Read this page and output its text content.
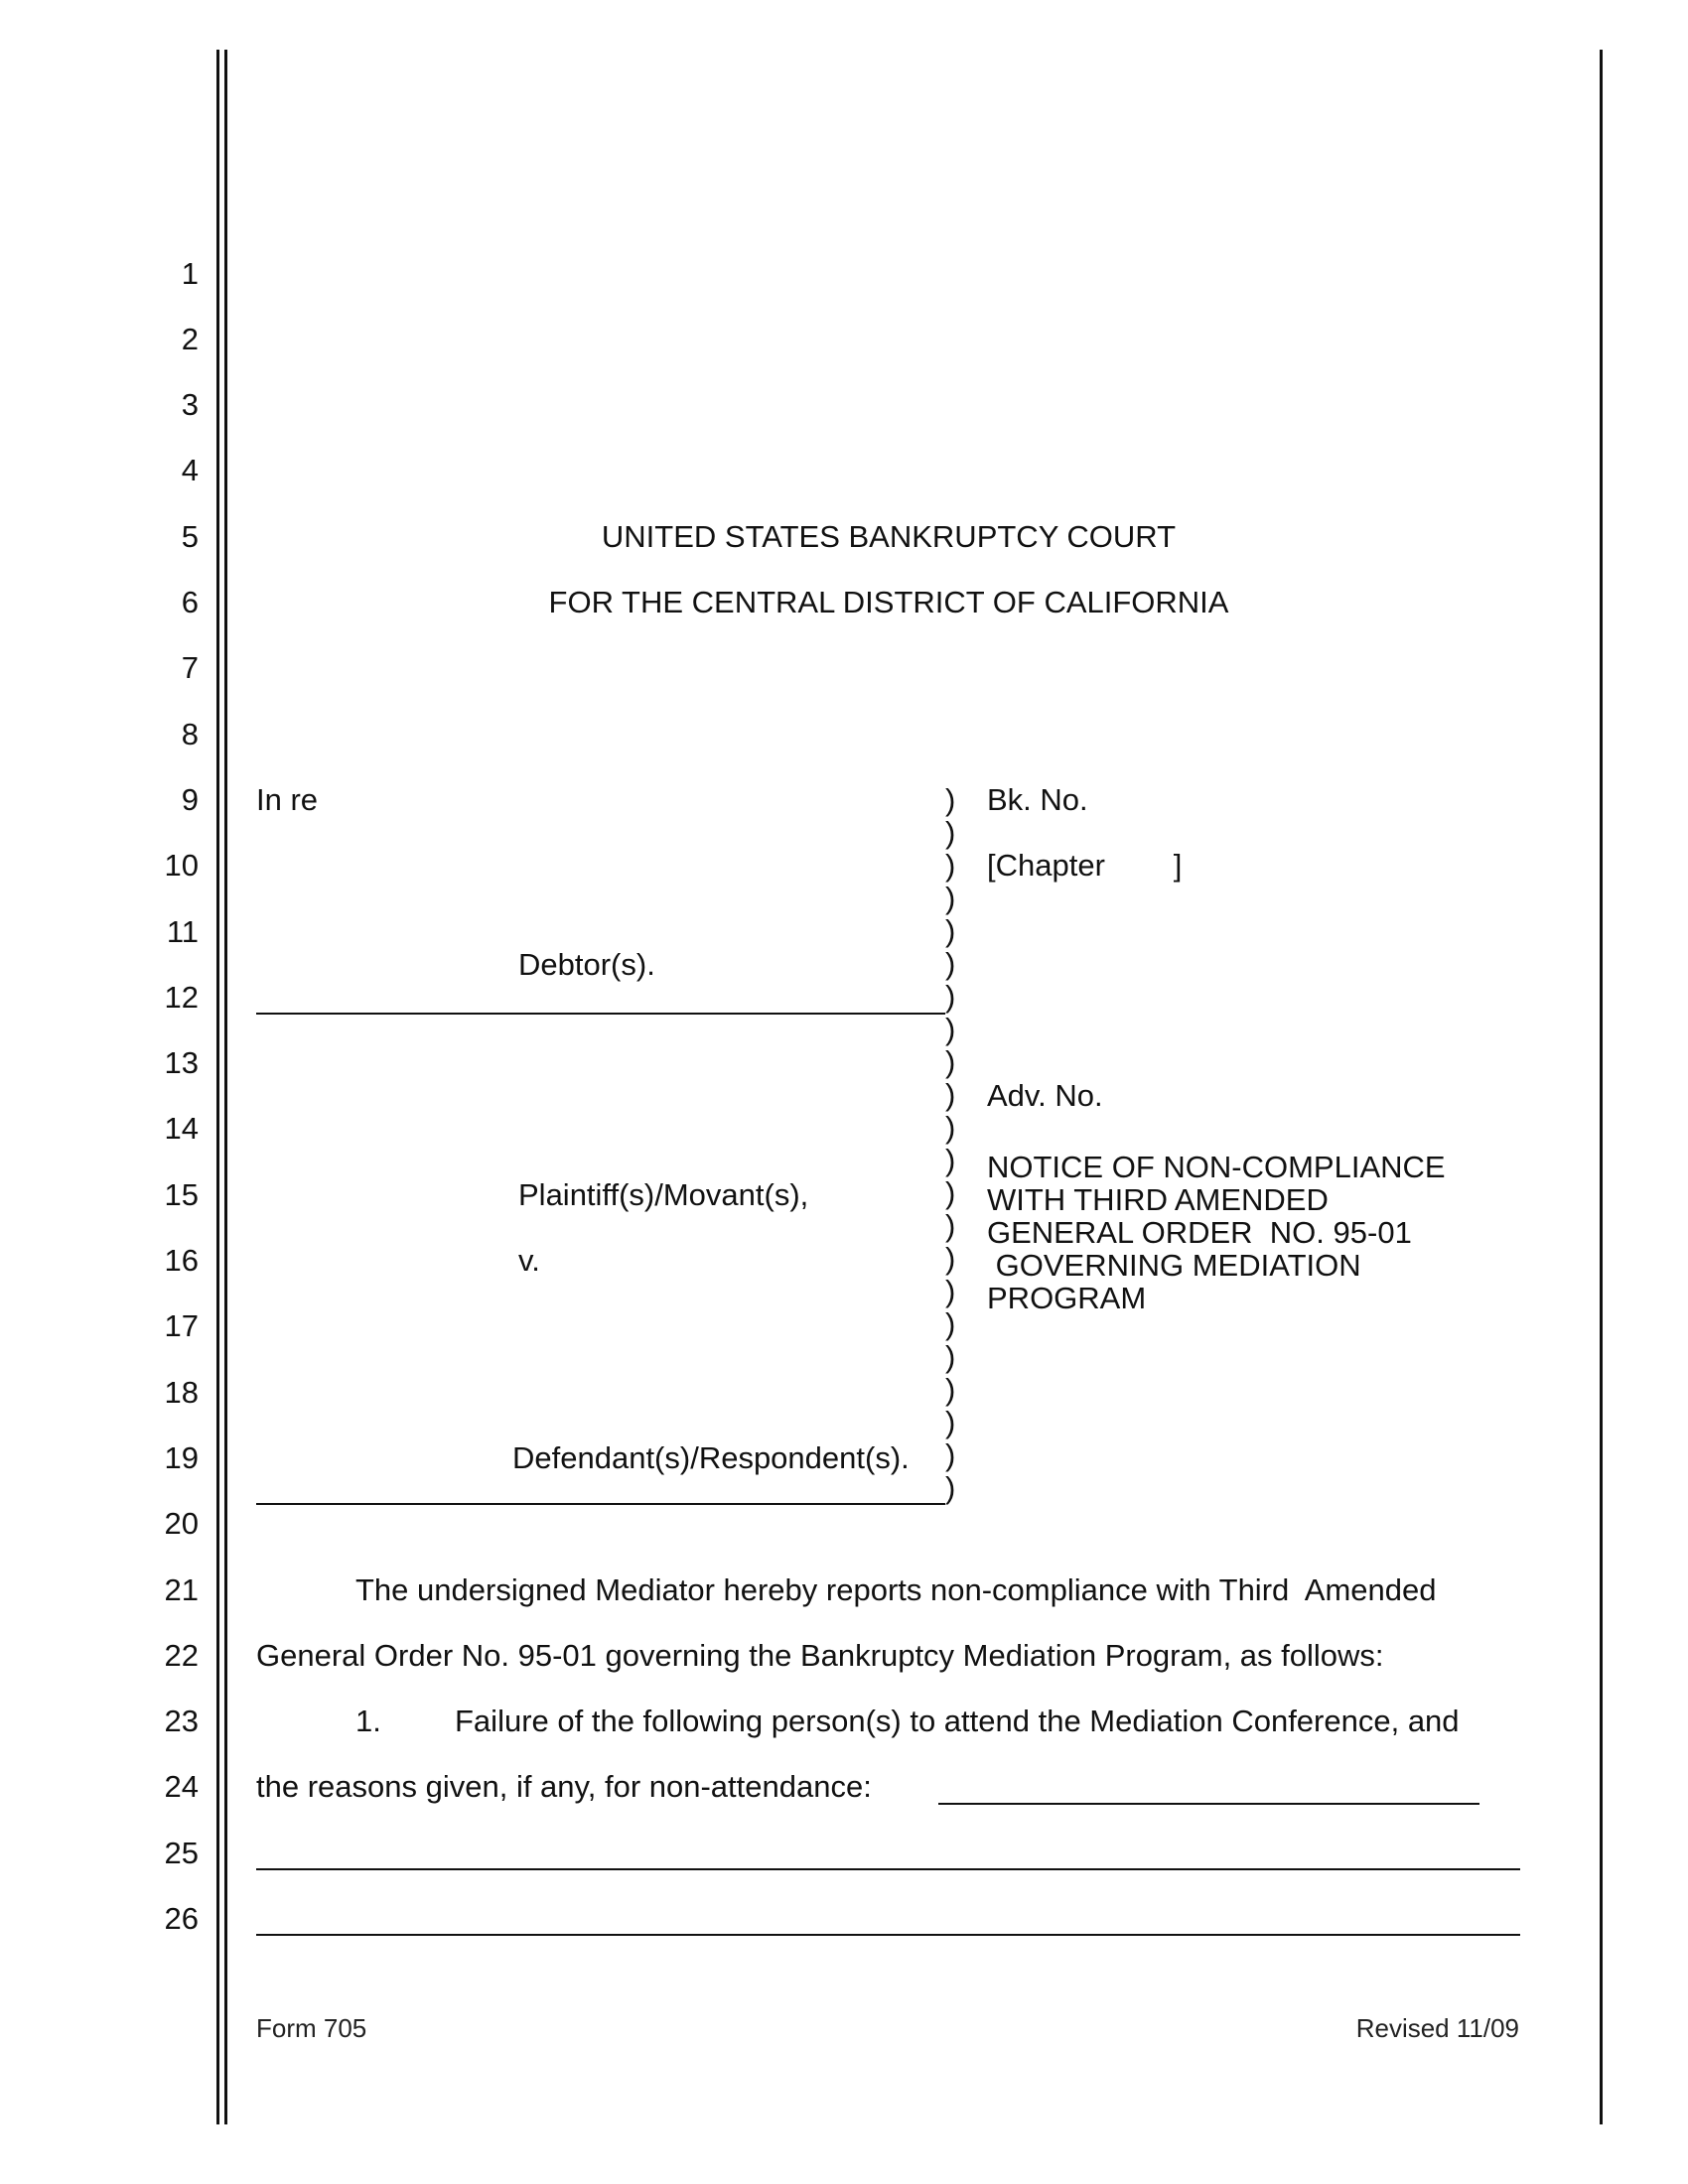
1
2
3
4
5
6
7
8
9
10
11
12
13
14
15
16
17
18
19
20
21
22
23
24
25
26
UNITED STATES BANKRUPTCY COURT
FOR THE CENTRAL DISTRICT OF CALIFORNIA
In re
Debtor(s).
Plaintiff(s)/Movant(s),
v.
Defendant(s)/Respondent(s).
)
)
)
)
)
)
)
)
)
)
)
)
)
)
)
)
)
)
)
)
)
)
Bk. No.
[Chapter        ]
Adv. No.
NOTICE OF NON-COMPLIANCE
WITH THIRD AMENDED
GENERAL ORDER  NO. 95-01
GOVERNING MEDIATION
PROGRAM
The undersigned Mediator hereby reports non-compliance with Third  Amended
General Order No. 95-01 governing the Bankruptcy Mediation Program, as follows:
1. Failure of the following person(s) to attend the Mediation Conference, and
the reasons given, if any, for non-attendance:
Form 705	Revised 11/09
